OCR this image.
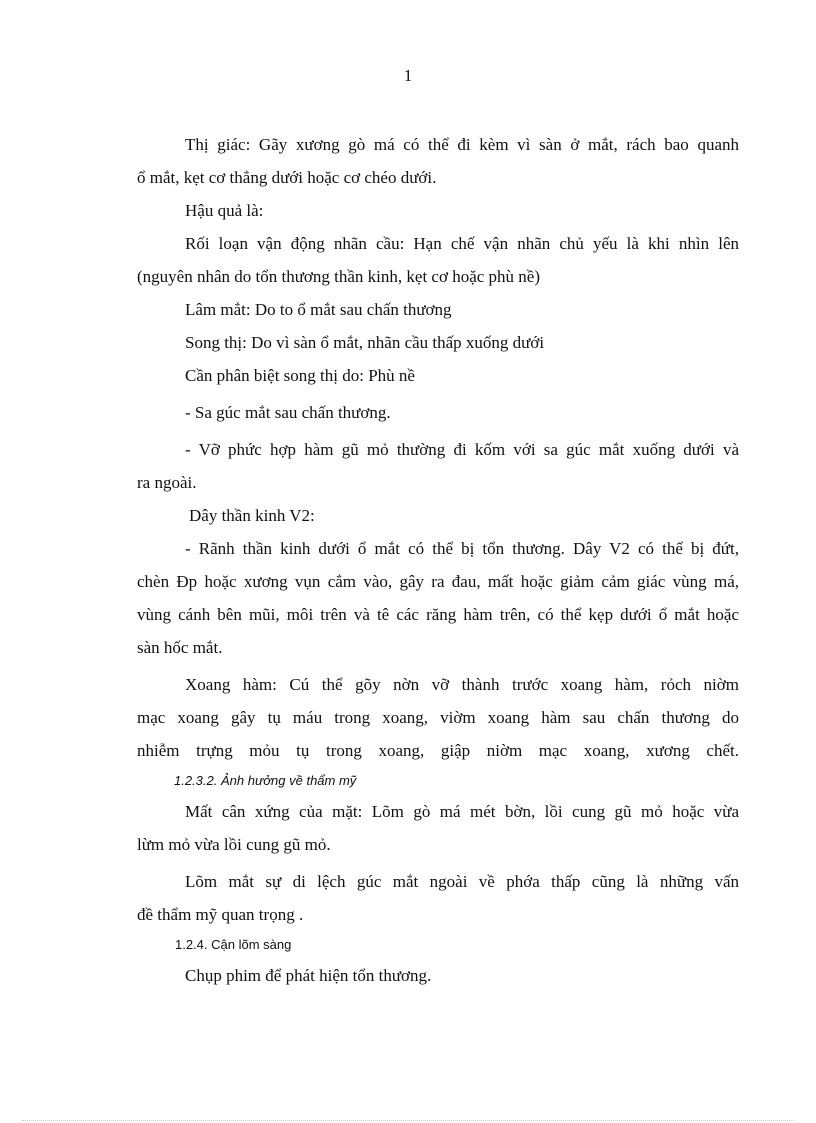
1
Thị giác: Gãy xương gò má có thể đi kèm vì sàn ở mắt, rách bao quanh
ổ mắt, kẹt cơ thẳng dưới hoặc cơ chéo dưới.
Hậu quả là:
Rối loạn vận động nhãn cầu: Hạn chế vận nhãn chủ yếu là khi nhìn lên
(nguyên nhân do tổn thương thần kinh, kẹt cơ hoặc phù nề)
Lâm mắt: Do to ổ mắt sau chấn thương
Song thị: Do vì sàn ổ mắt, nhãn cầu thấp xuống dưới
Cần phân biệt song thị do: Phù nề
- Sa gúc mắt sau chấn thương.
- Vỡ phức hợp hàm gũ mỏ thường đi kốm với sa gúc mắt xuống dưới và
ra ngoài.
Dây thần kinh V2:
- Rãnh thần kinh dưới ổ mắt có thể bị tổn thương. Dây V2 có thể bị đứt,
chèn Ðp hoặc xương vụn cắm vào, gây ra đau, mất hoặc giảm cảm giác vùng má,
vùng cánh bên mũi, môi trên và tê các răng hàm trên, có thể kẹp dưới ổ mắt hoặc
sàn hốc mắt.
Xoang hàm: Cú thể gõy nờn vỡ thành trước xoang hàm, rỏch niờm
mạc xoang gây tụ máu trong xoang, viờm xoang hàm sau chấn thương do
nhiễm trựng mỏu tụ trong xoang, giập niờm mạc xoang, xương chết.
1.2.3.2. Ảnh hưởng về thẩm mỹ
Mất cân xứng của mặt: Lõm gò má mét bờn, lồi cung gũ mỏ hoặc vừa
lừm mỏ vừa lồi cung gũ mỏ.
Lõm mắt sự di lệch gúc mắt ngoài về phớa thấp cũng là những vấn
đề thẩm mỹ quan trọng .
1.2.4. Cận lõm sàng
Chụp phim để phát hiện tổn thương.
